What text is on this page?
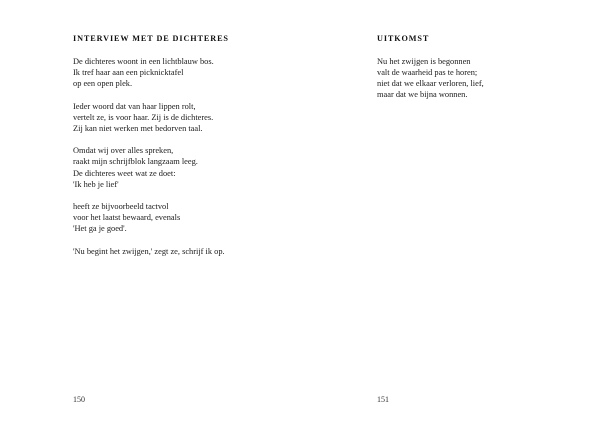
INTERVIEW MET DE DICHTERES

De dichteres woont in een lichtblauw bos.
Ik tref haar aan een picknicktafel
op een open plek.

Ieder woord dat van haar lippen rolt,
vertelt ze, is voor haar. Zij is de dichteres.
Zij kan niet werken met bedorven taal.

Omdat wij over alles spreken,
raakt mijn schrijfblok langzaam leeg.
De dichteres weet wat ze doet:
'Ik heb je lief'

heeft ze bijvoorbeeld tactvol
voor het laatst bewaard, evenals
'Het ga je goed'.

'Nu begint het zwijgen,' zegt ze, schrijf ik op.

150
UITKOMST

Nu het zwijgen is begonnen
valt de waarheid pas te horen;
niet dat we elkaar verloren, lief,
maar dat we bijna wonnen.

151
